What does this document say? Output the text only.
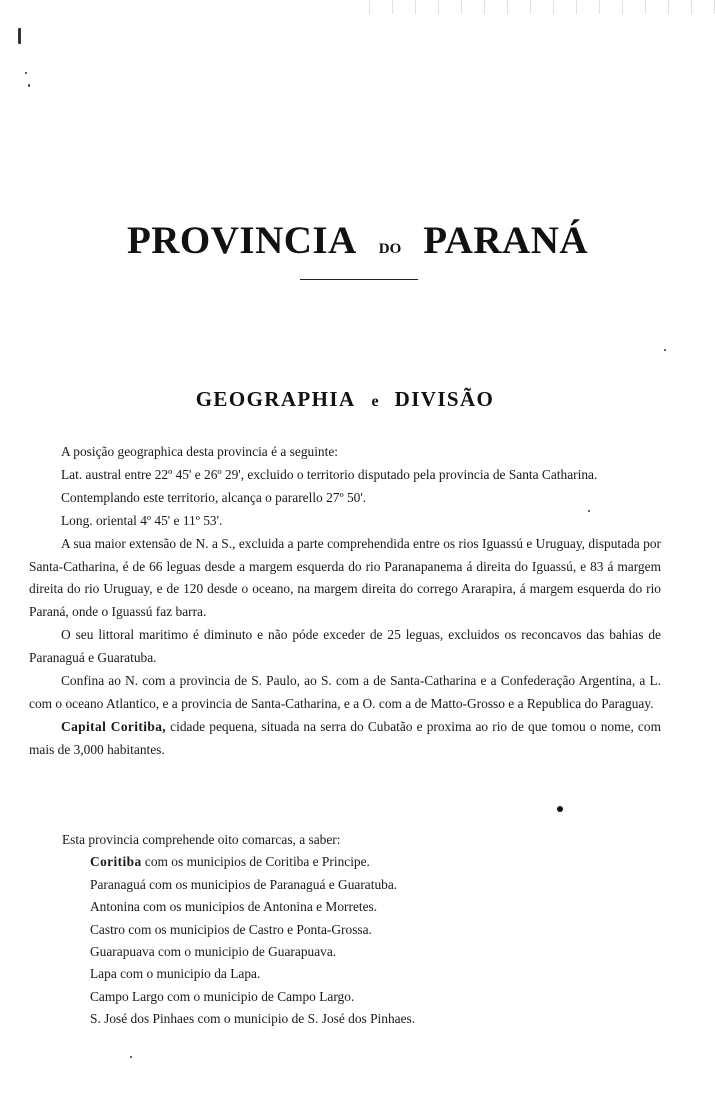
PROVINCIA DO PARANÁ
GEOGRAPHIA e DIVISÃO

A posição geographica desta provincia é a seguinte:

Lat. austral entre 22º 45' e 26º 29', excluido o territorio disputado pela provincia de Santa Catharina.

Contemplando este territorio, alcança o pararello 27º 50'.

Long. oriental 4º 45' e 11º 53'.

A sua maior extensão de N. a S., excluida a parte comprehendida entre os rios Iguassú e Uruguay, disputada por Santa-Catharina, é de 66 leguas desde a margem esquerda do rio Paranapanema á direita do Iguassú, e 83 á margem direita do rio Uruguay, e de 120 desde o oceano, na margem direita do corrego Ararapira, á margem esquerda do rio Paraná, onde o Iguassú faz barra.

O seu littoral maritimo é diminuto e não póde exceder de 25 leguas, excluidos os reconcavos das bahias de Paranaguá e Guaratuba.

Confina ao N. com a provincia de S. Paulo, ao S. com a de Santa-Catharina e a Confederação Argentina, a L. com o oceano Atlantico, e a provincia de Santa-Catharina, e a O. com a de Matto-Grosso e a Republica do Paraguay.

Capital Coritiba, cidade pequena, situada na serra do Cubatão e proxima ao rio de que tomou o nome, com mais de 3,000 habitantes.

Esta provincia comprehende oito comarcas, a saber:

Coritiba com os municipios de Coritiba e Principe.

Paranaguá com os municipios de Paranaguá e Guaratuba.

Antonina com os municipios de Antonina e Morretes.

Castro com os municipios de Castro e Ponta-Grossa.

Guarapuava com o municipio de Guarapuava.

Lapa com o municipio da Lapa.

Campo Largo com o municipio de Campo Largo.

S. José dos Pinhaes com o municipio de S. José dos Pinhaes.
